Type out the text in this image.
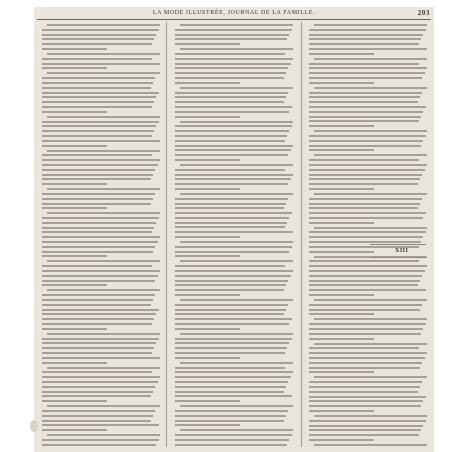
LA MODE ILLUSTRÉE, JOURNAL DE LA FAMILLE.	203
XIII
